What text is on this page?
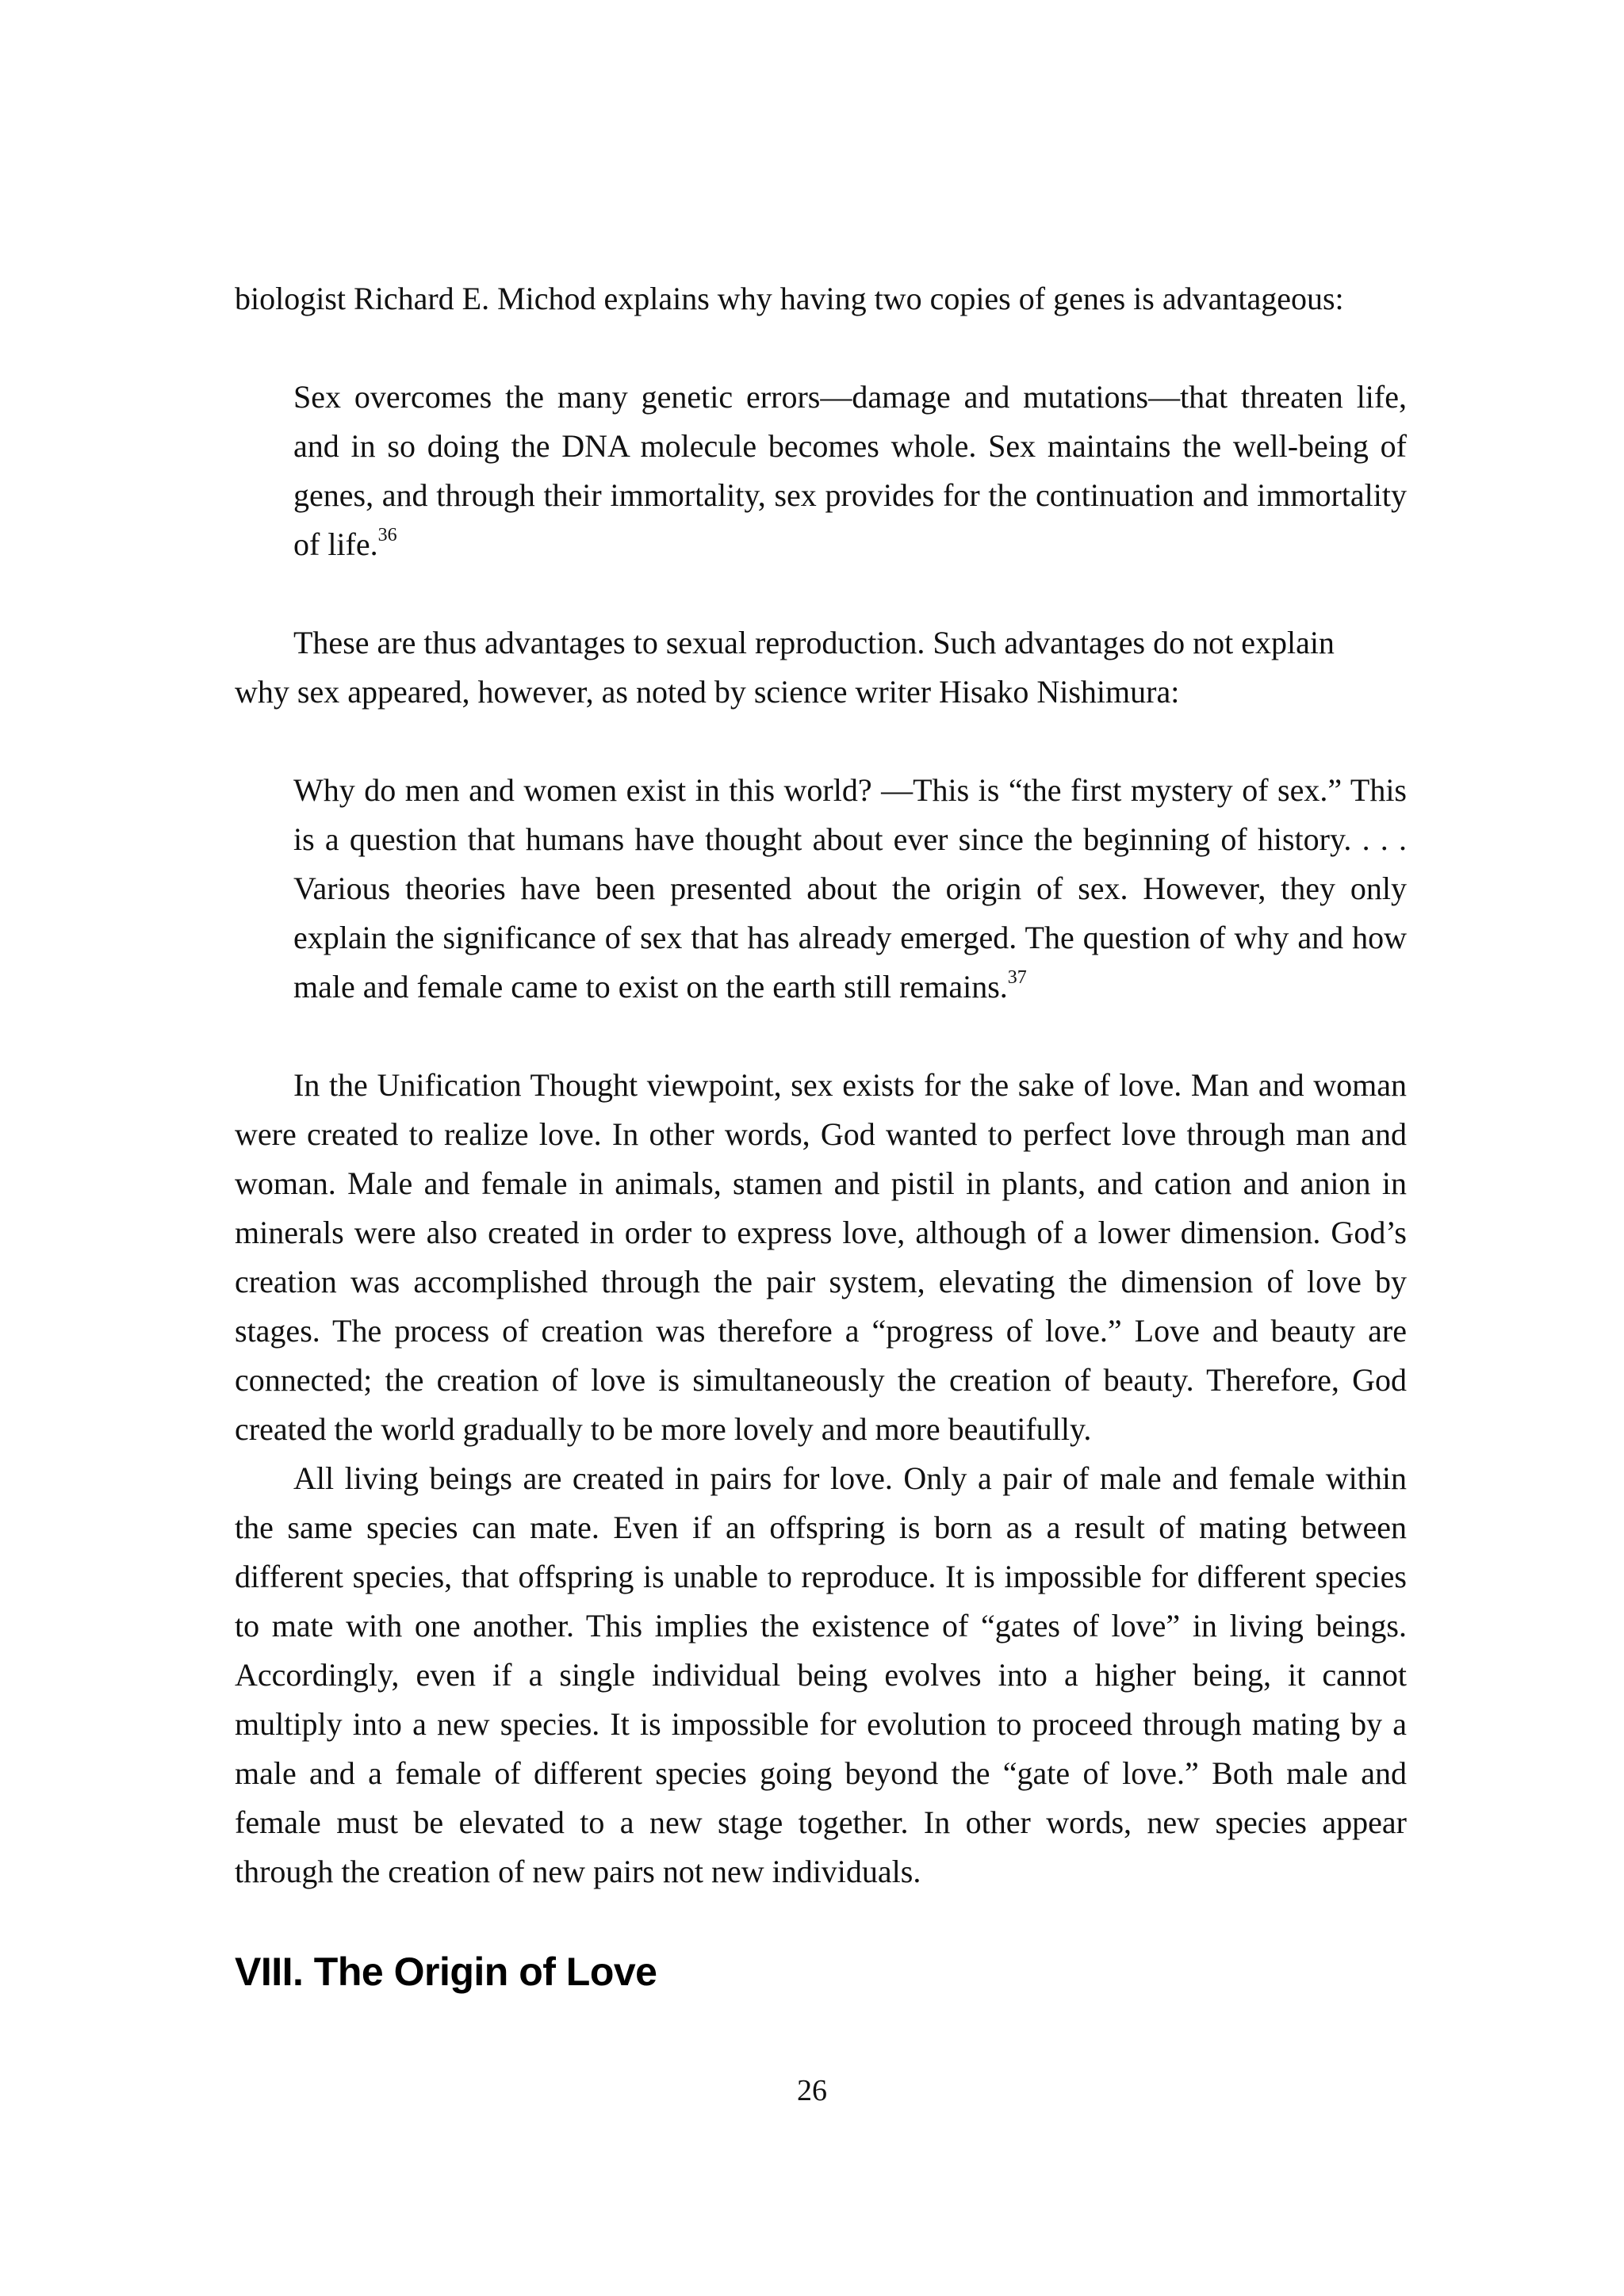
biologist Richard E. Michod explains why having two copies of genes is advantageous:

Sex overcomes the many genetic errors—damage and mutations—that threaten life, and in so doing the DNA molecule becomes whole. Sex maintains the well-being of genes, and through their immortality, sex provides for the continuation and immortality of life.$^{36}$

These are thus advantages to sexual reproduction. Such advantages do not explain
why sex appeared, however, as noted by science writer Hisako Nishimura:

Why do men and women exist in this world? —This is “the first mystery of sex.” This is a question that humans have thought about ever since the beginning of history. . . . Various theories have been presented about the origin of sex. However, they only explain the significance of sex that has already emerged. The question of why and how male and female came to exist on the earth still remains.$^{37}$

In the Unification Thought viewpoint, sex exists for the sake of love. Man and woman were created to realize love. In other words, God wanted to perfect love through man and woman. Male and female in animals, stamen and pistil in plants, and cation and anion in minerals were also created in order to express love, although of a lower dimension. God’s creation was accomplished through the pair system, elevating the dimension of love by stages. The process of creation was therefore a “progress of love.” Love and beauty are connected; the creation of love is simultaneously the creation of beauty. Therefore, God created the world gradually to be more lovely and more beautifully.

All living beings are created in pairs for love. Only a pair of male and female within the same species can mate. Even if an offspring is born as a result of mating between different species, that offspring is unable to reproduce. It is impossible for different species to mate with one another. This implies the existence of “gates of love” in living beings. Accordingly, even if a single individual being evolves into a higher being, it cannot multiply into a new species. It is impossible for evolution to proceed through mating by a male and a female of different species going beyond the “gate of love.” Both male and female must be elevated to a new stage together. In other words, new species appear through the creation of new pairs not new individuals.

VIII. The Origin of Love
26
